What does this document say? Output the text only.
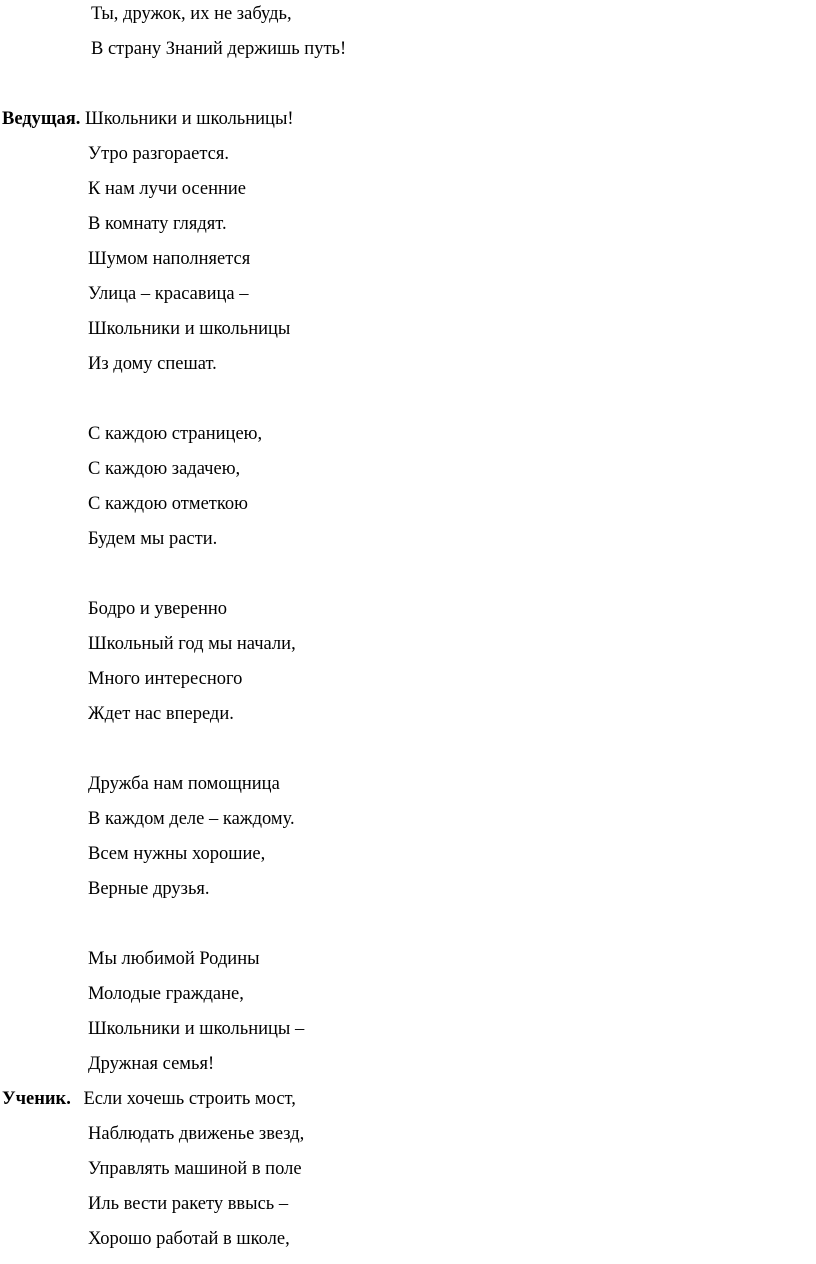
Ты, дружок, их не забудь,
В страну Знаний держишь путь!
Ведущая. Школьники и школьницы!
Утро разгорается.
К нам лучи осенние
В комнату глядят.
Шумом наполняется
Улица – красавица –
Школьники и школьницы
Из дому спешат.
С каждою страницею,
С каждою задачею,
С каждою отметкою
Будем мы расти.
Бодро и уверенно
Школьный год мы начали,
Много интересного
Ждет нас впереди.
Дружба нам помощница
В каждом деле – каждому.
Всем нужны хорошие,
Верные друзья.
Мы любимой Родины
Молодые граждане,
Школьники и школьницы –
Дружная семья!
Ученик. Если хочешь строить мост,
Наблюдать движенье звезд,
Управлять машиной в поле
Иль вести ракету ввысь –
Хорошо работай в школе,
